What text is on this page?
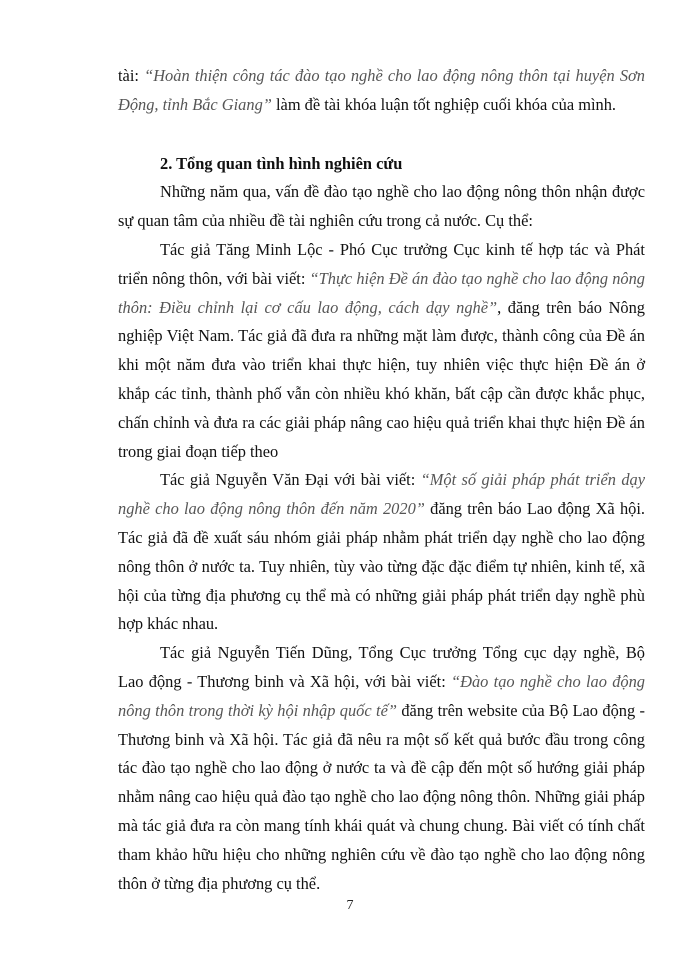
tài: “Hoàn thiện công tác đào tạo nghề cho lao động nông thôn tại huyện Sơn Động, tỉnh Bắc Giang” làm đề tài khóa luận tốt nghiệp cuối khóa của mình.

2. Tổng quan tình hình nghiên cứu

Những năm qua, vấn đề đào tạo nghề cho lao động nông thôn nhận được sự quan tâm của nhiều đề tài nghiên cứu trong cả nước. Cụ thể:

Tác giả Tăng Minh Lộc - Phó Cục trưởng Cục kinh tế hợp tác và Phát triển nông thôn, với bài viết: “Thực hiện Đề án đào tạo nghề cho lao động nông thôn: Điều chỉnh lại cơ cấu lao động, cách dạy nghề”, đăng trên báo Nông nghiệp Việt Nam. Tác giả đã đưa ra những mặt làm được, thành công của Đề án khi một năm đưa vào triển khai thực hiện, tuy nhiên việc thực hiện Đề án ở khắp các tỉnh, thành phố vẫn còn nhiều khó khăn, bất cập cần được khắc phục, chấn chỉnh và đưa ra các giải pháp nâng cao hiệu quả triển khai thực hiện Đề án trong giai đoạn tiếp theo

Tác giả Nguyễn Văn Đại với bài viết: “Một số giải pháp phát triển dạy nghề cho lao động nông thôn đến năm 2020” đăng trên báo Lao động Xã hội. Tác giả đã đề xuất sáu nhóm giải pháp nhằm phát triển dạy nghề cho lao động nông thôn ở nước ta. Tuy nhiên, tùy vào từng đặc đặc điểm tự nhiên, kinh tế, xã hội của từng địa phương cụ thể mà có những giải pháp phát triển dạy nghề phù hợp khác nhau.

Tác giả Nguyễn Tiến Dũng, Tổng Cục trưởng Tổng cục dạy nghề, Bộ Lao động - Thương binh và Xã hội, với bài viết: “Đào tạo nghề cho lao động nông thôn trong thời kỳ hội nhập quốc tế” đăng trên website của Bộ Lao động - Thương binh và Xã hội. Tác giả đã nêu ra một số kết quả bước đầu trong công tác đào tạo nghề cho lao động ở nước ta và đề cập đến một số hướng giải pháp nhằm nâng cao hiệu quả đào tạo nghề cho lao động nông thôn. Những giải pháp mà tác giả đưa ra còn mang tính khái quát và chung chung. Bài viết có tính chất tham khảo hữu hiệu cho những nghiên cứu về đào tạo nghề cho lao động nông thôn ở từng địa phương cụ thể.

7
